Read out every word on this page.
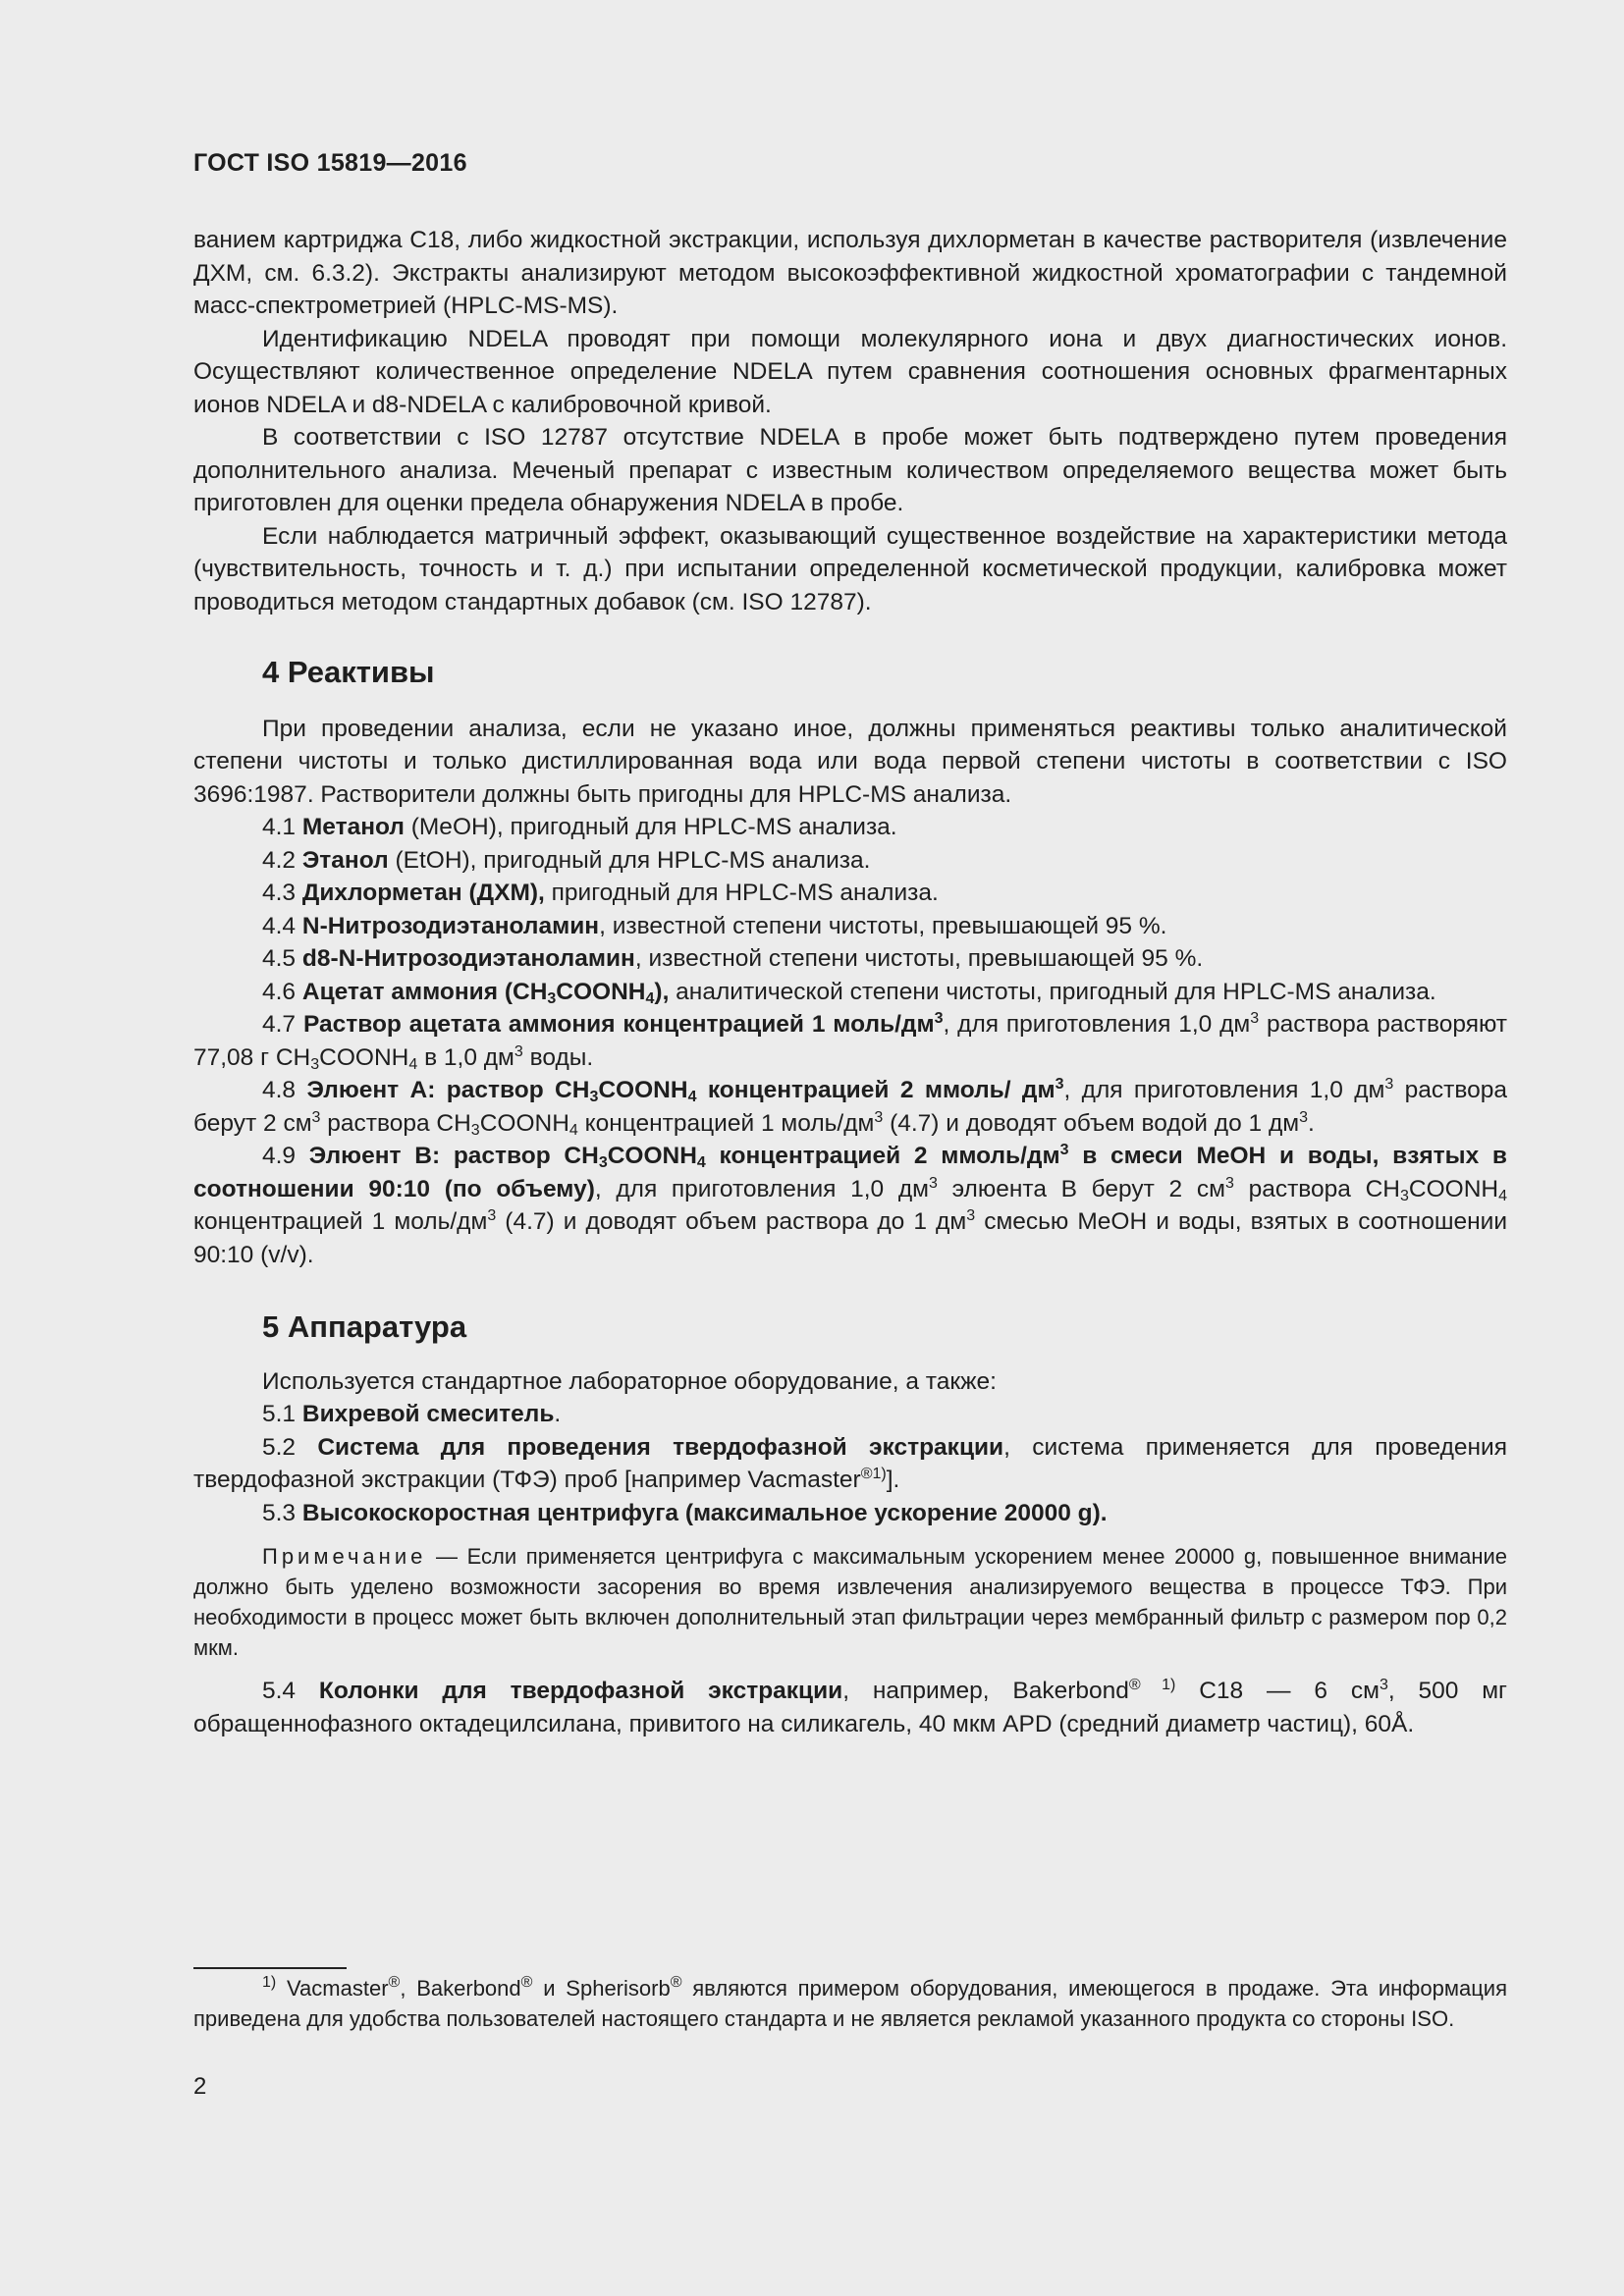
ГОСТ ISO 15819—2016

ванием картриджа С18, либо жидкостной экстракции, используя дихлорметан в качестве растворителя (извлечение ДХМ, см. 6.3.2). Экстракты анализируют методом высокоэффективной жидкостной хроматографии с тандемной масс-спектрометрией (HPLC-MS-MS).

Идентификацию NDELA проводят при помощи молекулярного иона и двух диагностических ионов. Осуществляют количественное определение NDELA путем сравнения соотношения основных фрагментарных ионов NDELA и d8-NDELA с калибровочной кривой.

В соответствии с ISO 12787 отсутствие NDELA в пробе может быть подтверждено путем проведения дополнительного анализа. Меченый препарат с известным количеством определяемого вещества может быть приготовлен для оценки предела обнаружения NDELA в пробе.

Если наблюдается матричный эффект, оказывающий существенное воздействие на характеристики метода (чувствительность, точность и т. д.) при испытании определенной косметической продукции, калибровка может проводиться методом стандартных добавок (см. ISO 12787).

4 Реактивы

При проведении анализа, если не указано иное, должны применяться реактивы только аналитической степени чистоты и только дистиллированная вода или вода первой степени чистоты в соответствии с ISO 3696:1987. Растворители должны быть пригодны для HPLC-MS анализа.

4.1 Метанол (MeOH), пригодный для HPLC-MS анализа.

4.2 Этанол (EtOH), пригодный для HPLC-MS анализа.

4.3 Дихлорметан (ДХМ), пригодный для HPLC-MS анализа.

4.4 N-Нитрозодиэтаноламин, известной степени чистоты, превышающей 95 %.

4.5 d8-N-Нитрозодиэтаноламин, известной степени чистоты, превышающей 95 %.

4.6 Ацетат аммония $(CH_3COONH_4)$, аналитической степени чистоты, пригодный для HPLC-MS анализа.

4.7 Раствор ацетата аммония концентрацией 1 моль/$дм^3$, для приготовления 1,0 $дм^3$ раствора растворяют 77,08 г $CH_3COONH_4$ в 1,0 $дм^3$ воды.

4.8 Элюент А: раствор $CH_3COONH_4$ концентрацией 2 ммоль/ $дм^3$, для приготовления 1,0 $дм^3$ раствора берут 2 $см^3$ раствора $CH_3COONH_4$ концентрацией 1 моль/$дм^3$ (4.7) и доводят объем водой до 1 $дм^3$.

4.9 Элюент В: раствор $CH_3COONH_4$ концентрацией 2 ммоль/$дм^3$ в смеси MeOH и воды, взятых в соотношении 90:10 (по объему), для приготовления 1,0 $дм^3$ элюента В берут 2 $см^3$ раствора $CH_3COONH_4$ концентрацией 1 моль/$дм^3$ (4.7) и доводят объем раствора до 1 $дм^3$ смесью MeOH и воды, взятых в соотношении 90:10 (v/v).

5 Аппаратура

Используется стандартное лабораторное оборудование, а также:

5.1 Вихревой смеситель.

5.2 Система для проведения твердофазной экстракции, система применяется для проведения твердофазной экстракции (ТФЭ) проб [например Vacmaster$^{®1)}$].

5.3 Высокоскоростная центрифуга (максимальное ускорение 20000 g).

Примечание — Если применяется центрифуга с максимальным ускорением менее 20000 g, повышенное внимание должно быть уделено возможности засорения во время извлечения анализируемого вещества в процессе ТФЭ. При необходимости в процесс может быть включен дополнительный этап фильтрации через мембранный фильтр с размером пор 0,2 мкм.

5.4 Колонки для твердофазной экстракции, например, Bakerbond$^{® 1)}$ C18 — 6 $см^3$, 500 мг обращеннофазного октадецилсилана, привитого на силикагель, 40 мкм APD (средний диаметр частиц), 60Å.

$^{1)}$ Vacmaster®, Bakerbond® и Spherisorb® являются примером оборудования, имеющегося в продаже. Эта информация приведена для удобства пользователей настоящего стандарта и не является рекламой указанного продукта со стороны ISO.

2
